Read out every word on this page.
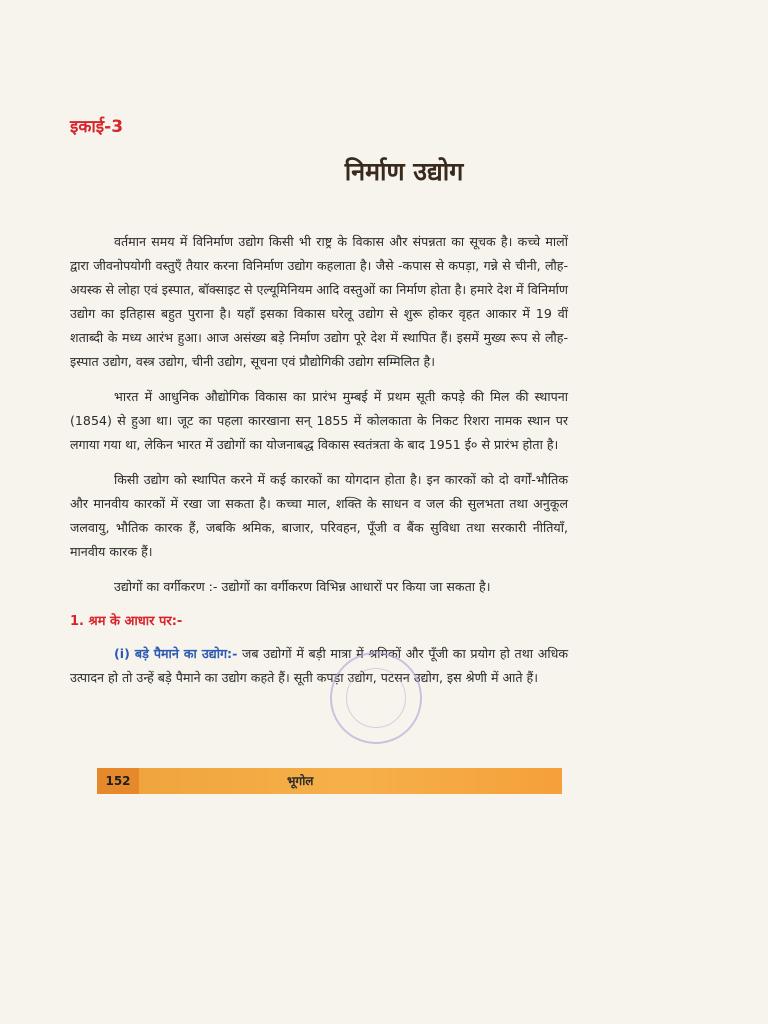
इकाई-3
निर्माण उद्योग

वर्तमान समय में विनिर्माण उद्योग किसी भी राष्ट्र के विकास और संपन्नता का सूचक है। कच्चे मालों द्वारा जीवनोपयोगी वस्तुएँ तैयार करना विनिर्माण उद्योग कहलाता है। जैसे -कपास से कपड़ा, गन्ने से चीनी, लौह-अयस्क से लोहा एवं इस्पात, बॉक्साइट से एल्यूमिनियम आदि वस्तुओं का निर्माण होता है। हमारे देश में विनिर्माण उद्योग का इतिहास बहुत पुराना है। यहाँ इसका विकास घरेलू उद्योग से शुरू होकर वृहत आकार में 19 वीं शताब्दी के मध्य आरंभ हुआ। आज असंख्य बड़े निर्माण उद्योग पूरे देश में स्थापित हैं। इसमें मुख्य रूप से लौह-इस्पात उद्योग, वस्त्र उद्योग, चीनी उद्योग, सूचना एवं प्रौद्योगिकी उद्योग सम्मिलित है।

भारत में आधुनिक औद्योगिक विकास का प्रारंभ मुम्बई में प्रथम सूती कपड़े की मिल की स्थापना (1854) से हुआ था। जूट का पहला कारखाना सन् 1855 में कोलकाता के निकट रिशरा नामक स्थान पर लगाया गया था, लेकिन भारत में उद्योगों का योजनाबद्ध विकास स्वतंत्रता के बाद 1951 ई० से प्रारंभ होता है।

किसी उद्योग को स्थापित करने में कई कारकों का योगदान होता है। इन कारकों को दो वर्गों-भौतिक और मानवीय कारकों में रखा जा सकता है। कच्चा माल, शक्ति के साधन व जल की सुलभता तथा अनुकूल जलवायु, भौतिक कारक हैं, जबकि श्रमिक, बाजार, परिवहन, पूँजी व बैंक सुविधा तथा सरकारी नीतियाँ, मानवीय कारक हैं।

उद्योगों का वर्गीकरण :- उद्योगों का वर्गीकरण विभिन्न आधारों पर किया जा सकता है।

1. श्रम के आधार पर:-

(i) बड़े पैमाने का उद्योग:- जब उद्योगों में बड़ी मात्रा में श्रमिकों और पूँजी का प्रयोग हो तथा अधिक उत्पादन हो तो उन्हें बड़े पैमाने का उद्योग कहते हैं। सूती कपड़ा उद्योग, पटसन उद्योग, इस श्रेणी में आते हैं।

152	भूगोल
